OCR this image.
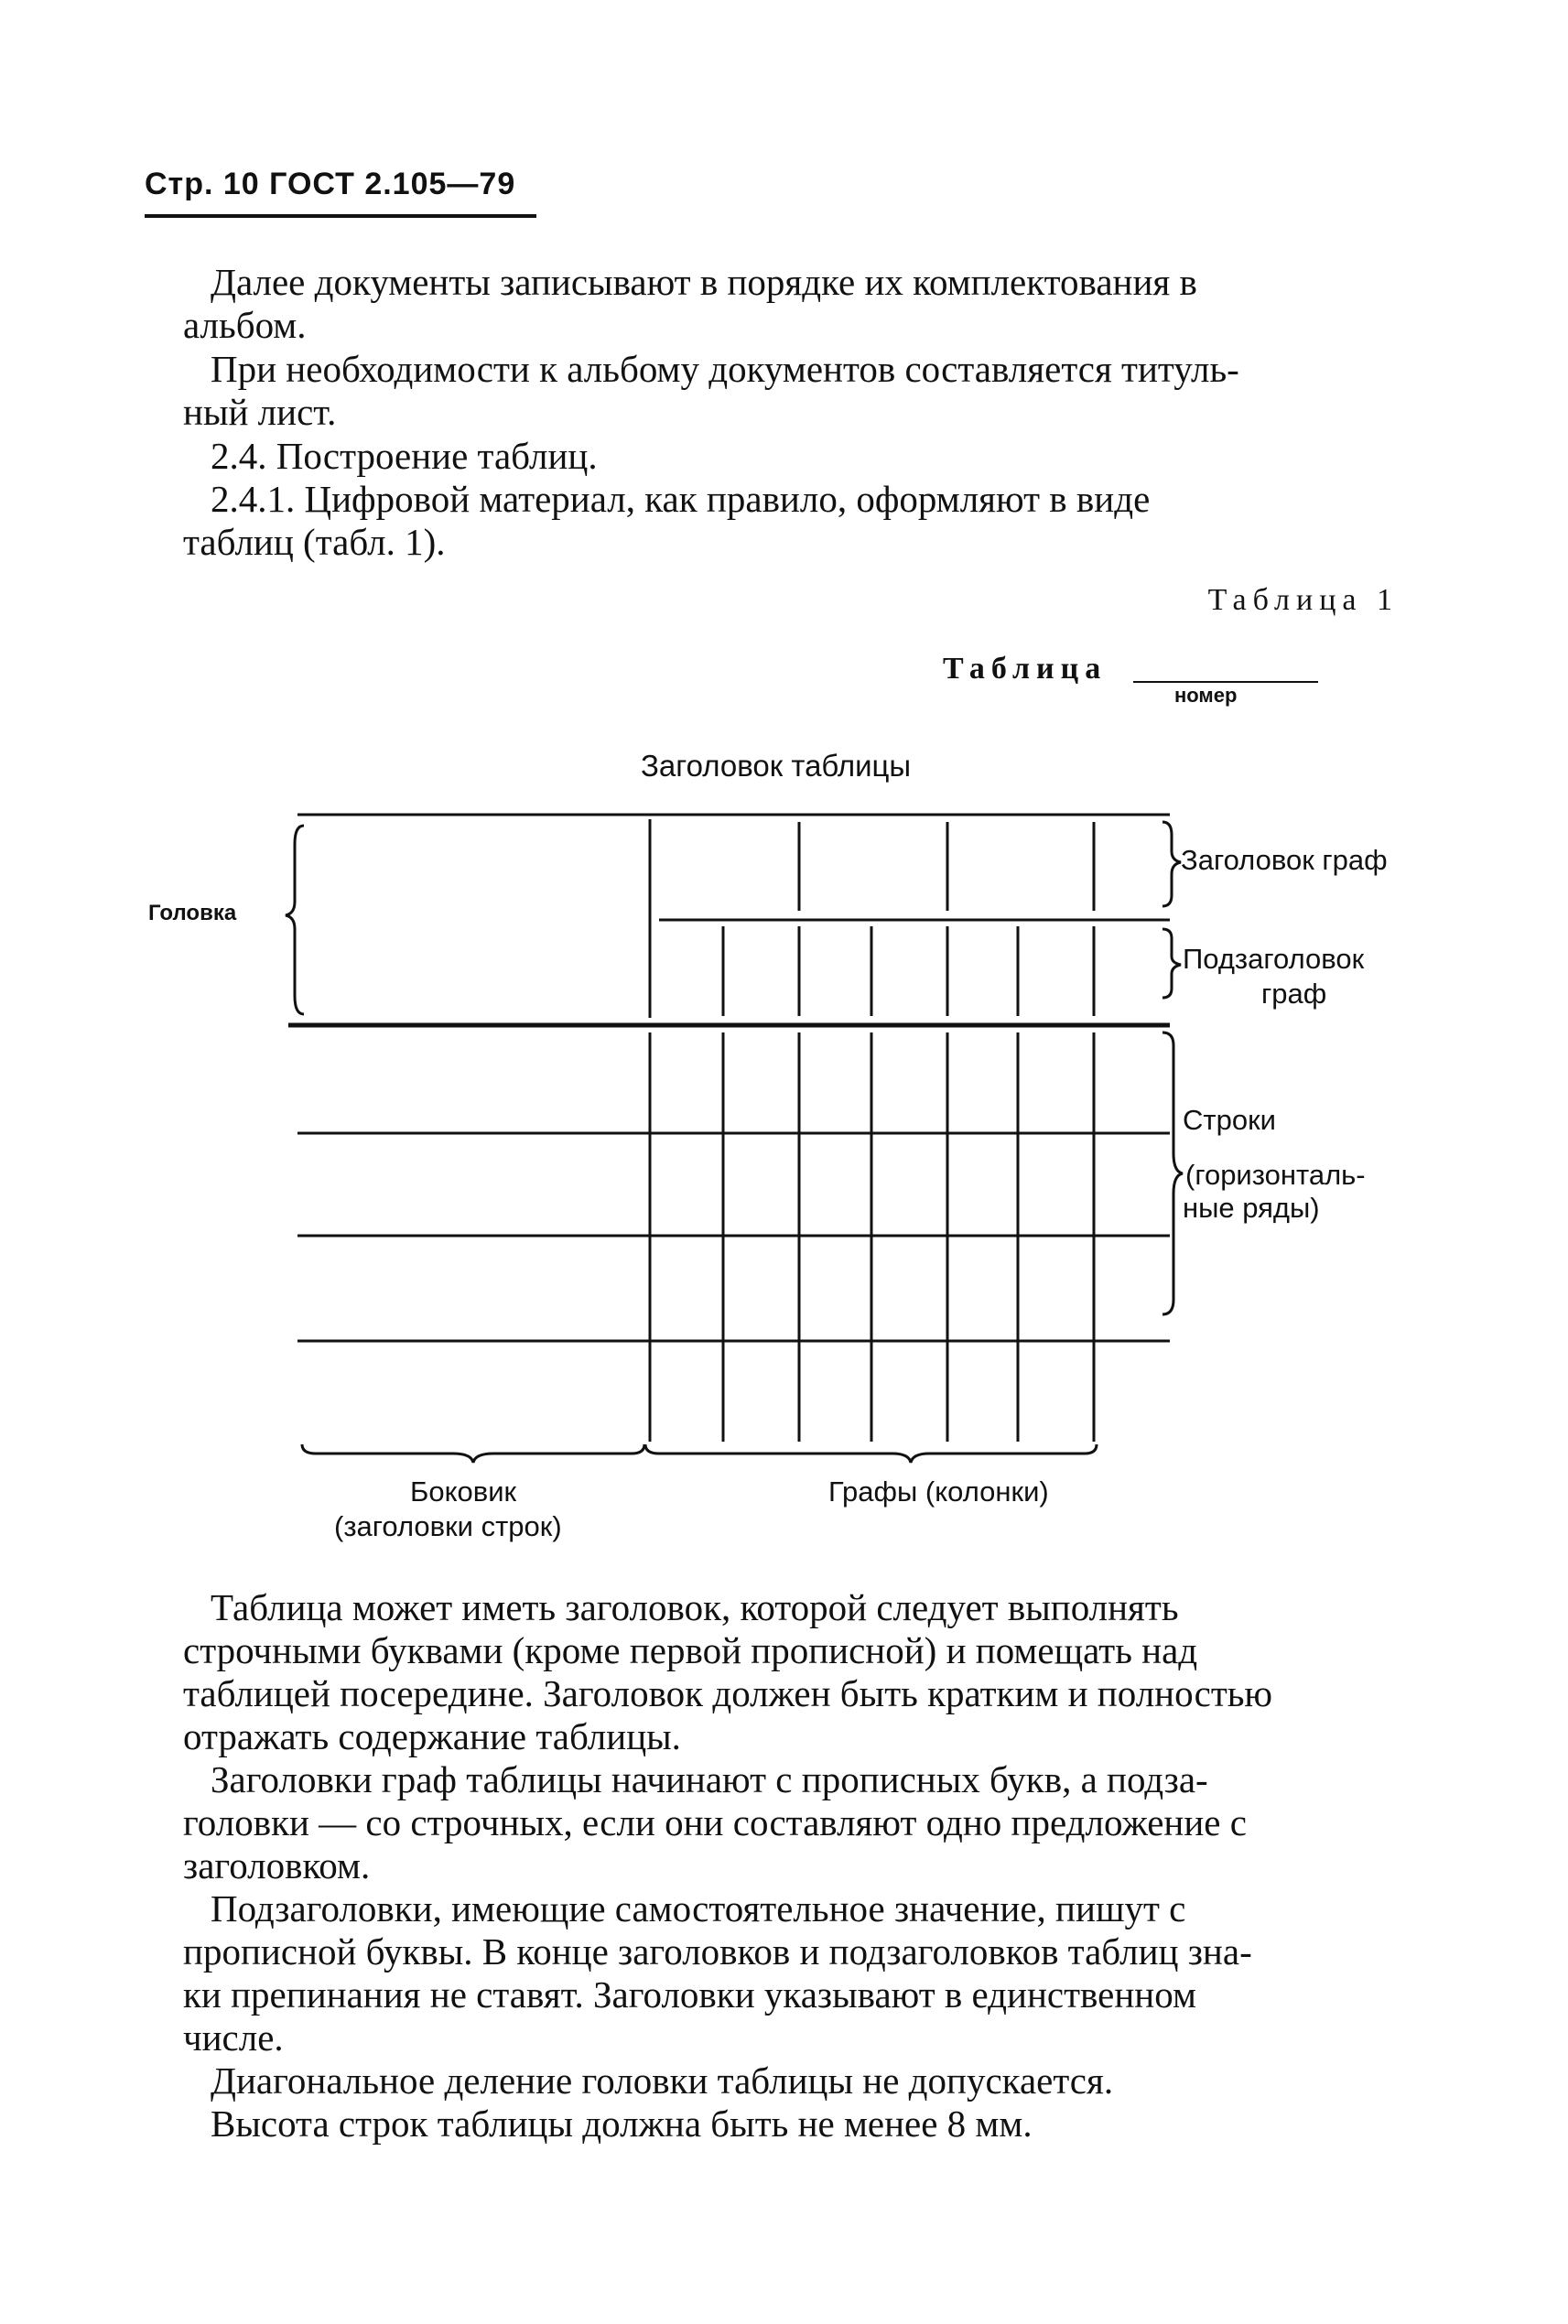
Стр. 10 ГОСТ 2.105—79
Далее документы записывают в порядке их комплектования в
альбом.
При необходимости к альбому документов составляется титуль-
ный лист.
2.4. Построение таблиц.
2.4.1. Цифровой материал, как правило, оформляют в виде
таблиц (табл. 1).
Таблица 1
Таблица
номер
Заголовок таблицы
Головка
Заголовок граф
Подзаголовок
граф
Строки
(горизонталь-
ные ряды)
Боковик
(заголовки строк)
Графы (колонки)
Таблица может иметь заголовок, которой следует выполнять
строчными буквами (кроме первой прописной) и помещать над
таблицей посередине. Заголовок должен быть кратким и полностью
отражать содержание таблицы.
Заголовки граф таблицы начинают с прописных букв, а подза-
головки — со строчных, если они составляют одно предложение с
заголовком.
Подзаголовки, имеющие самостоятельное значение, пишут с
прописной буквы. В конце заголовков и подзаголовков таблиц зна-
ки препинания не ставят. Заголовки указывают в единственном
числе.
Диагональное деление головки таблицы не допускается.
Высота строк таблицы должна быть не менее 8 мм.
